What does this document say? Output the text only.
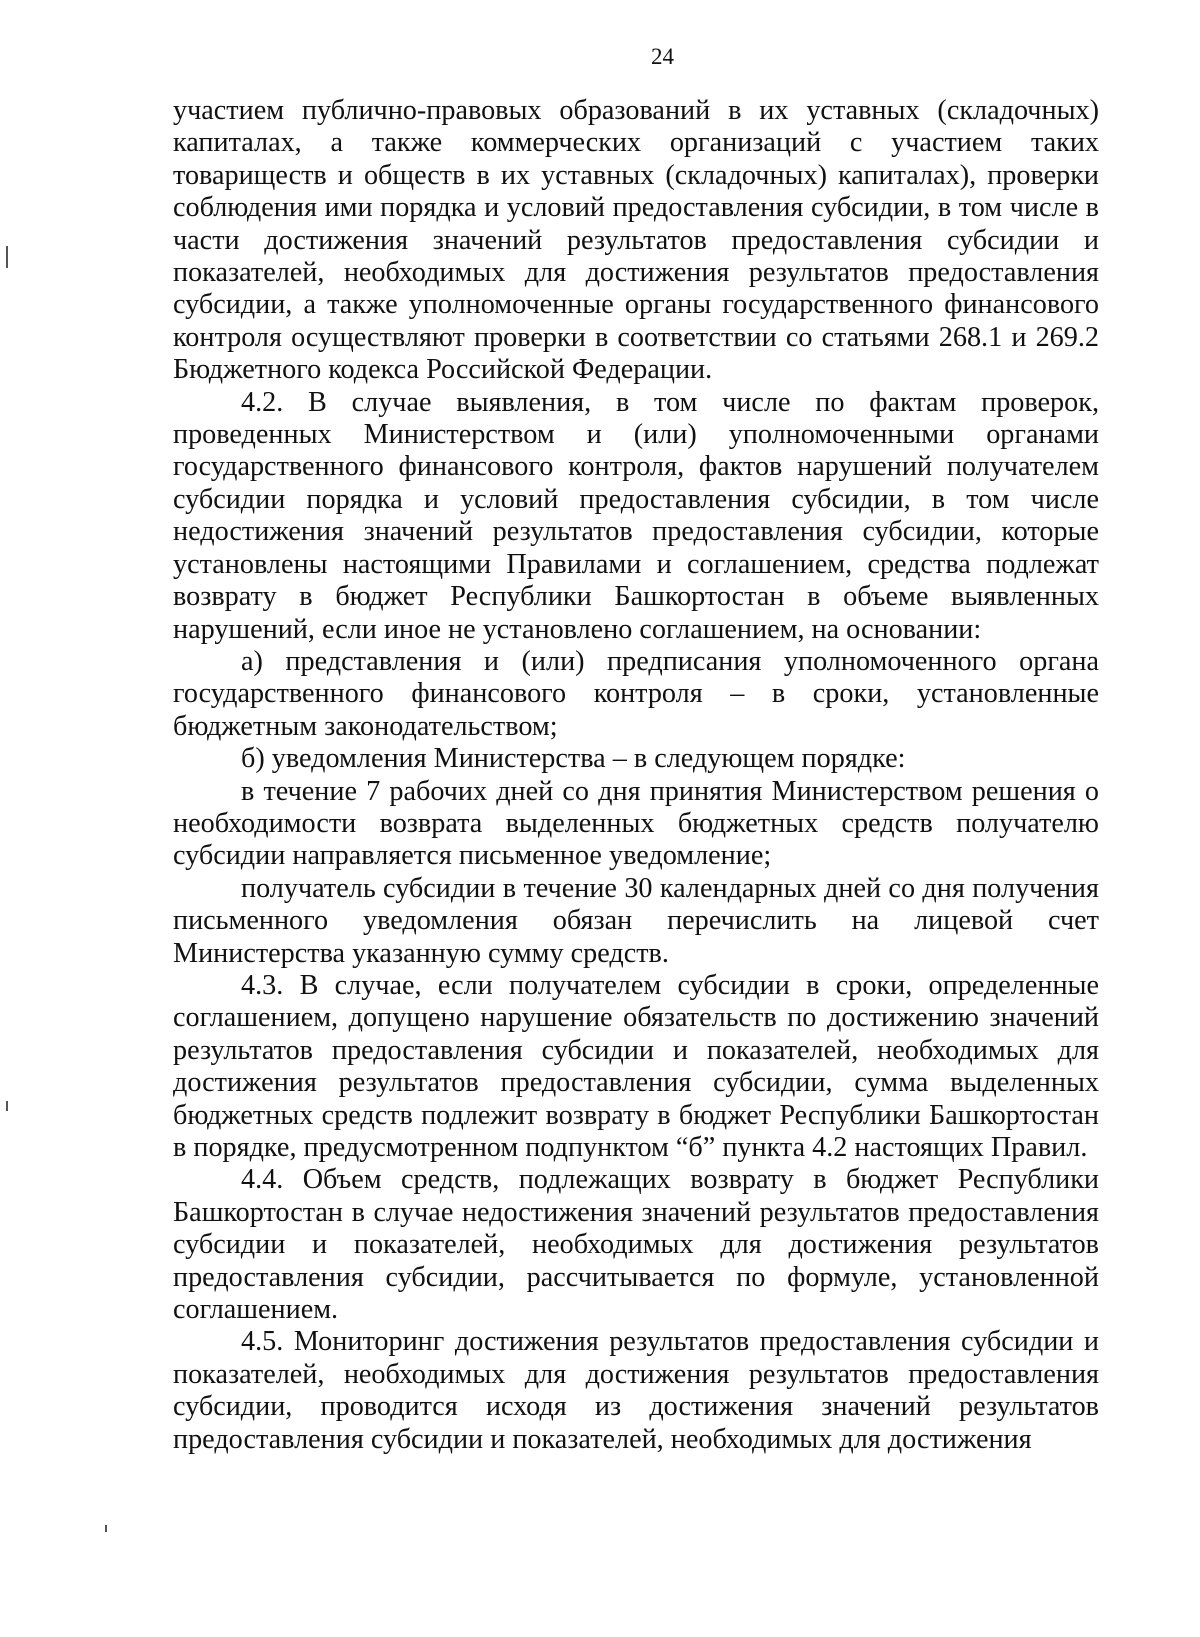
24

участием публично-правовых образований в их уставных (складочных) капиталах, а также коммерческих организаций с участием таких товариществ и обществ в их уставных (складочных) капиталах), проверки соблюдения ими порядка и условий предоставления субсидии, в том числе в части достижения значений результатов предоставления субсидии и показателей, необходимых для достижения результатов предоставления субсидии, а также уполномоченные органы государственного финансового контроля осуществляют проверки в соответствии со статьями 268.1 и 269.2 Бюджетного кодекса Российской Федерации.

4.2. В случае выявления, в том числе по фактам проверок, проведенных Министерством и (или) уполномоченными органами государственного финансового контроля, фактов нарушений получателем субсидии порядка и условий предоставления субсидии, в том числе недостижения значений результатов предоставления субсидии, которые установлены настоящими Правилами и соглашением, средства подлежат возврату в бюджет Республики Башкортостан в объеме выявленных нарушений, если иное не установлено соглашением, на основании:

а) представления и (или) предписания уполномоченного органа государственного финансового контроля – в сроки, установленные бюджетным законодательством;

б) уведомления Министерства – в следующем порядке:

в течение 7 рабочих дней со дня принятия Министерством решения о необходимости возврата выделенных бюджетных средств получателю субсидии направляется письменное уведомление;

получатель субсидии в течение 30 календарных дней со дня получения письменного уведомления обязан перечислить на лицевой счет Министерства указанную сумму средств.

4.3. В случае, если получателем субсидии в сроки, определенные соглашением, допущено нарушение обязательств по достижению значений результатов предоставления субсидии и показателей, необходимых для достижения результатов предоставления субсидии, сумма выделенных бюджетных средств подлежит возврату в бюджет Республики Башкортостан в порядке, предусмотренном подпунктом “б” пункта 4.2 настоящих Правил.

4.4. Объем средств, подлежащих возврату в бюджет Республики Башкортостан в случае недостижения значений результатов предоставления субсидии и показателей, необходимых для достижения результатов предоставления субсидии, рассчитывается по формуле, установленной соглашением.

4.5. Мониторинг достижения результатов предоставления субсидии и показателей, необходимых для достижения результатов предоставления субсидии, проводится исходя из достижения значений результатов предоставления субсидии и показателей, необходимых для достижения
